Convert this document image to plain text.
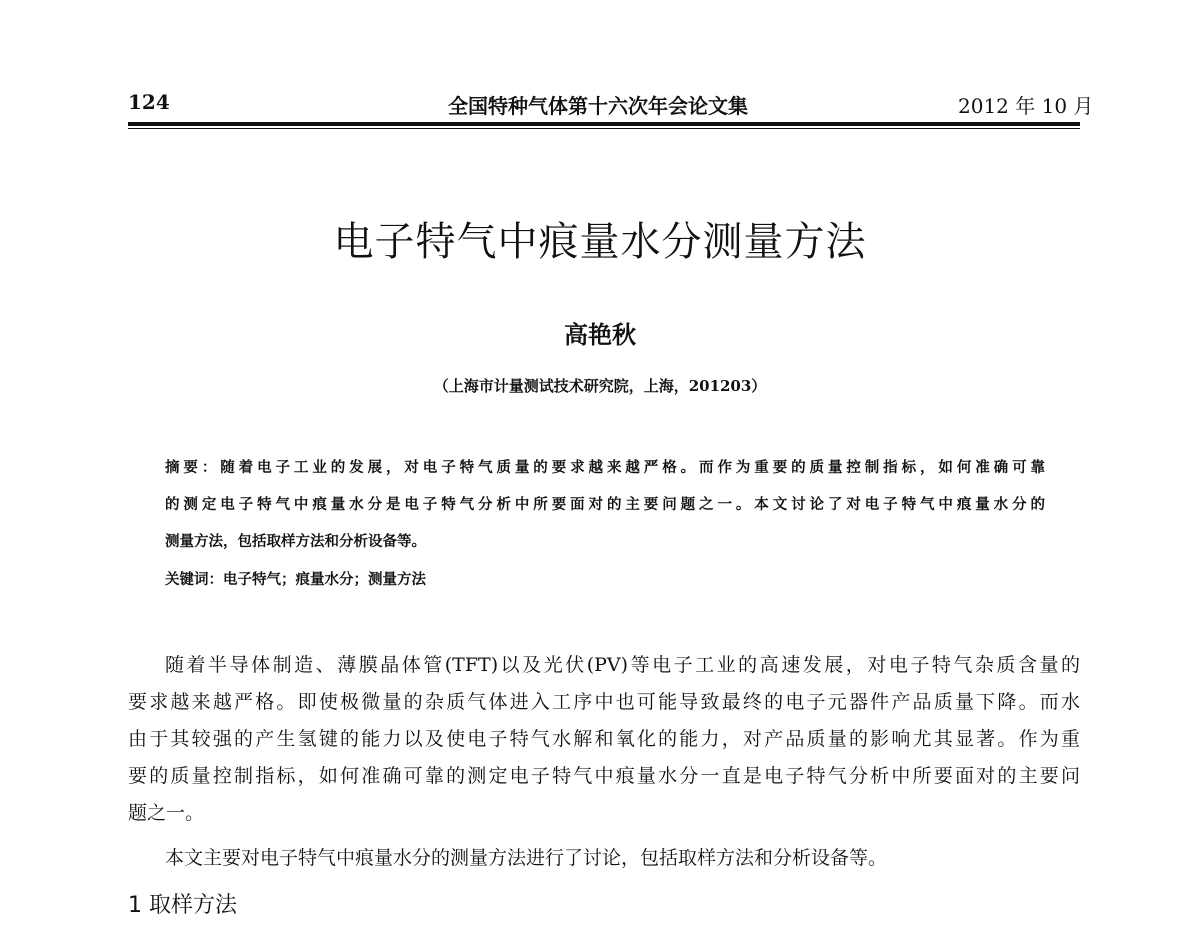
124	全国特种气体第十六次年会论文集	2012 年 10 月
电子特气中痕量水分测量方法
高艳秋
（上海市计量测试技术研究院，上海，201203）
摘要：随着电子工业的发展，对电子特气质量的要求越来越严格。而作为重要的质量控制指标，如何准确可靠
的测定电子特气中痕量水分是电子特气分析中所要面对的主要问题之一。本文讨论了对电子特气中痕量水分的
测量方法，包括取样方法和分析设备等。
关键词：电子特气；痕量水分；测量方法
随着半导体制造、薄膜晶体管(TFT)以及光伏(PV)等电子工业的高速发展，对电子特气杂质含量的
要求越来越严格。即使极微量的杂质气体进入工序中也可能导致最终的电子元器件产品质量下降。而水
由于其较强的产生氢键的能力以及使电子特气水解和氧化的能力，对产品质量的影响尤其显著。作为重
要的质量控制指标，如何准确可靠的测定电子特气中痕量水分一直是电子特气分析中所要面对的主要问
题之一。
本文主要对电子特气中痕量水分的测量方法进行了讨论，包括取样方法和分析设备等。
1 取样方法
